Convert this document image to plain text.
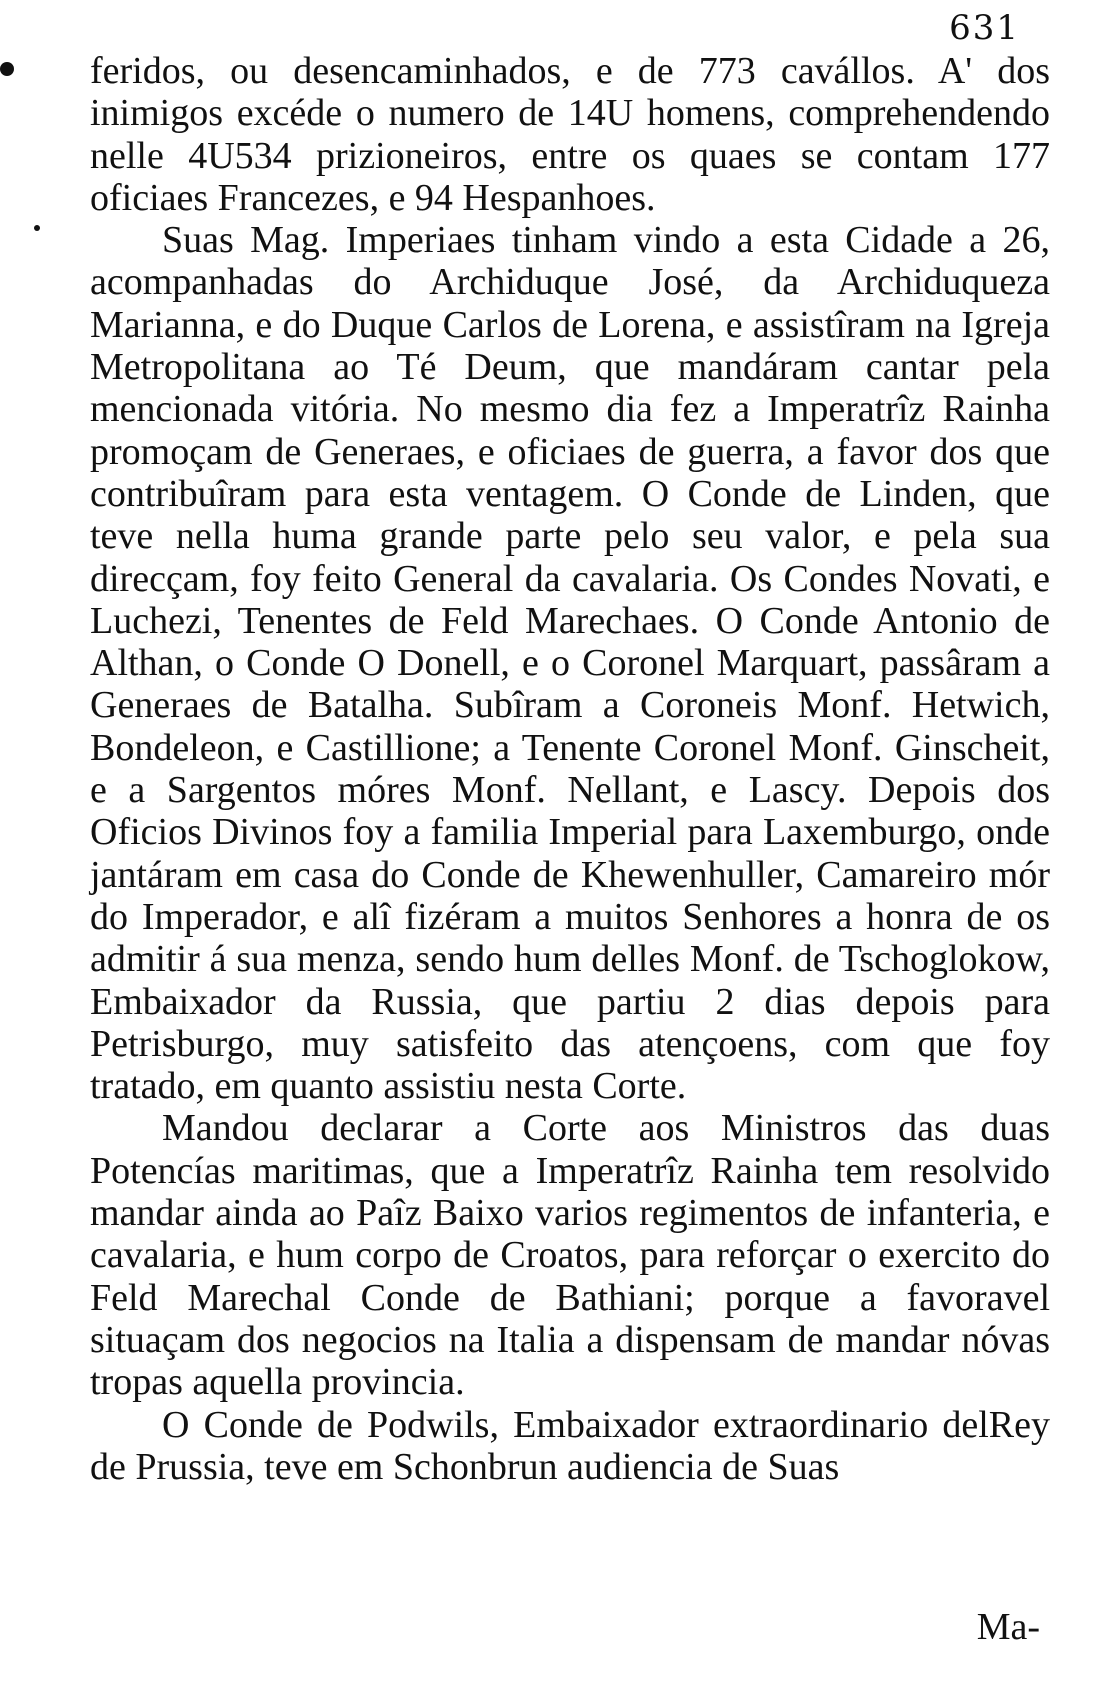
631

feridos, ou desencaminhados, e de 773 cavállos. A' dos inimigos excéde o numero de 14U homens, comprehendendo nelle 4U534 prizioneiros, entre os quaes se contam 177 oficiaes Francezes, e 94 Hespanhoes.

Suas Mag. Imperiaes tinham vindo a esta Cidade a 26, acompanhadas do Archiduque José, da Archiduqueza Marianna, e do Duque Carlos de Lorena, e assistîram na Igreja Metropolitana ao Té Deum, que mandáram cantar pela mencionada vitória. No mesmo dia fez a Imperatrîz Rainha promoçam de Generaes, e oficiaes de guerra, a favor dos que contribuîram para esta ventagem. O Conde de Linden, que teve nella huma grande parte pelo seu valor, e pela sua direcçam, foy feito General da cavalaria. Os Condes Novati, e Luchezi, Tenentes de Feld Marechaes. O Conde Antonio de Althan, o Conde O Donell, e o Coronel Marquart, passâram a Generaes de Batalha. Subîram a Coroneis Monf. Hetwich, Bondeleon, e Castillione; a Tenente Coronel Monf. Ginscheit, e a Sargentos móres Monf. Nellant, e Lascy. Depois dos Oficios Divinos foy a familia Imperial para Laxemburgo, onde jantáram em casa do Conde de Khewenhuller, Camareiro mór do Imperador, e alî fizéram a muitos Senhores a honra de os admitir á sua menza, sendo hum delles Monf. de Tschoglokow, Embaixador da Russia, que partiu 2 dias depois para Petrisburgo, muy satisfeito das atençoens, com que foy tratado, em quanto assistiu nesta Corte.

Mandou declarar a Corte aos Ministros das duas Potencías maritimas, que a Imperatrîz Rainha tem resolvido mandar ainda ao Paîz Baixo varios regimentos de infanteria, e cavalaria, e hum corpo de Croatos, para reforçar o exercito do Feld Marechal Conde de Bathiani; porque a favoravel situaçam dos negocios na Italia a dispensam de mandar nóvas tropas aquella provincia.

O Conde de Podwils, Embaixador extraordinario delRey de Prussia, teve em Schonbrun audiencia de Suas

Ma-
